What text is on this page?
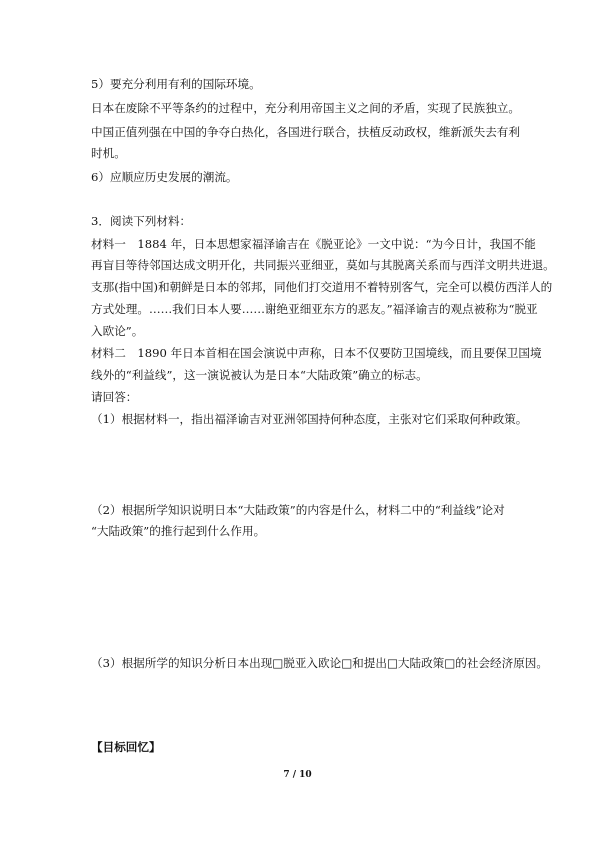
5）要充分利用有利的国际环境。
日本在废除不平等条约的过程中，充分利用帝国主义之间的矛盾，实现了民族独立。
中国正值列强在中国的争夺白热化，各国进行联合，扶植反动政权，维新派失去有利
时机。
6）应顺应历史发展的潮流。
3．阅读下列材料：
材料一　1884 年，日本思想家福泽谕吉在《脱亚论》一文中说：“为今日计，我国不能
再盲目等待邻国达成文明开化，共同振兴亚细亚，莫如与其脱离关系而与西洋文明共进退。
支那(指中国)和朝鲜是日本的邻邦，同他们打交道用不着特别客气，完全可以模仿西洋人的
方式处理。……我们日本人要……谢绝亚细亚东方的恶友。”福泽谕吉的观点被称为“脱亚
入欧论”。
材料二　1890 年日本首相在国会演说中声称，日本不仅要防卫国境线，而且要保卫国境
线外的“利益线”，这一演说被认为是日本“大陆政策”确立的标志。
请回答：
（1）根据材料一，指出福泽谕吉对亚洲邻国持何种态度，主张对它们采取何种政策。
（2）根据所学知识说明日本“大陆政策”的内容是什么，材料二中的“利益线”论对
“大陆政策”的推行起到什么作用。
（3）根据所学的知识分析日本出现□脱亚入欧论□和提出□大陆政策□的社会经济原因。
【目标回忆】
7 / 10
